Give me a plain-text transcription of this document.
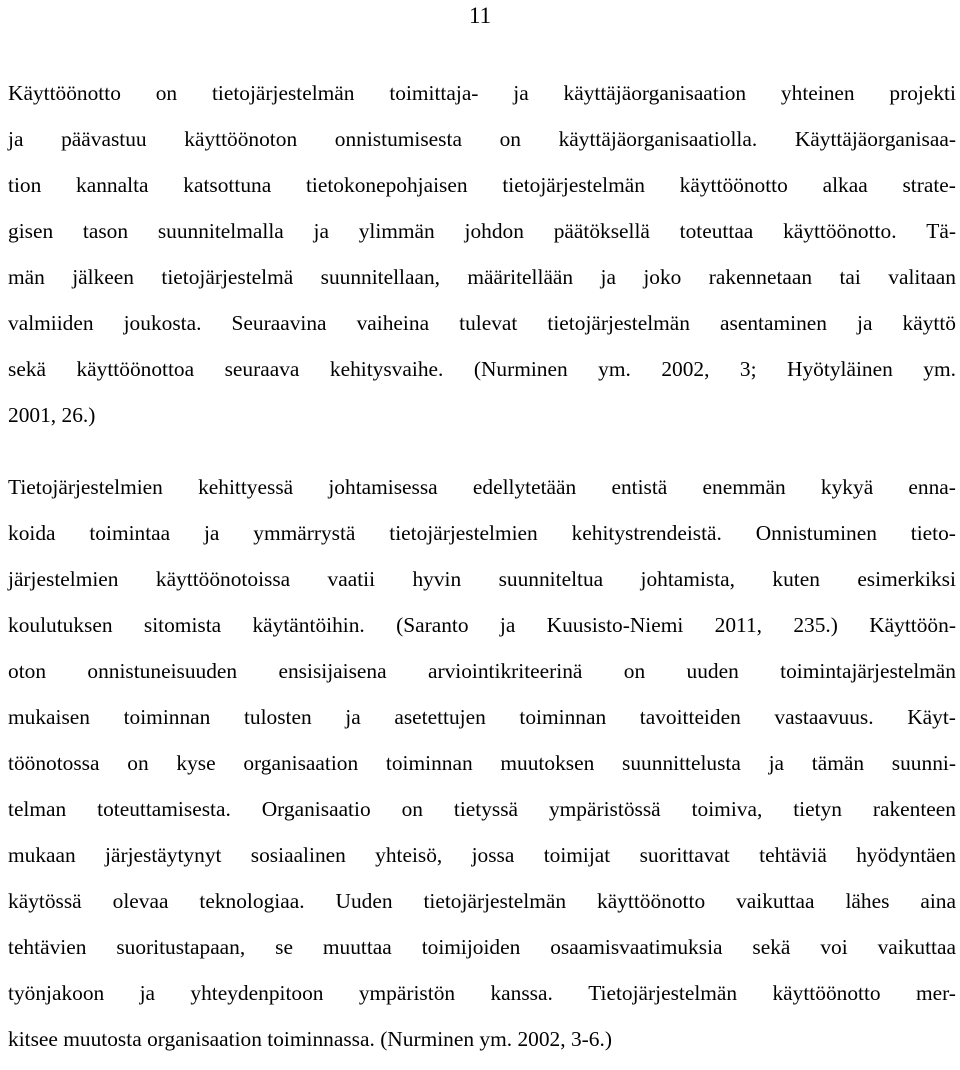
11
Käyttöönotto on tietojärjestelmän toimittaja- ja käyttäjäorganisaation yhteinen projekti
ja päävastuu käyttöönoton onnistumisesta on käyttäjäorganisaatiolla. Käyttäjäorganisaa-
tion kannalta katsottuna tietokonepohjaisen tietojärjestelmän käyttöönotto alkaa strate-
gisen tason suunnitelmalla ja ylimmän johdon päätöksellä toteuttaa käyttöönotto. Tä-
män jälkeen tietojärjestelmä suunnitellaan, määritellään ja joko rakennetaan tai valitaan
valmiiden joukosta. Seuraavina vaiheina tulevat tietojärjestelmän asentaminen ja käyttö
sekä käyttöönottoa seuraava kehitysvaihe. (Nurminen ym. 2002, 3; Hyötyläinen ym.
2001,
26.)
Tietojärjestelmien kehittyessä johtamisessa edellytetään entistä enemmän kykyä enna-
koida toimintaa ja ymmärrystä tietojärjestelmien kehitystrendeistä. Onnistuminen tieto-
järjestelmien käyttöönotoissa vaatii hyvin suunniteltua johtamista, kuten esimerkiksi
koulutuksen sitomista käytäntöihin. (Saranto ja Kuusisto-Niemi 2011, 235.) Käyttöön-
oton onnistuneisuuden ensisijaisena arviointikriteerinä on uuden toimintajärjestelmän
mukaisen toiminnan tulosten ja asetettujen toiminnan tavoitteiden vastaavuus. Käyt-
töönotossa on kyse organisaation toiminnan muutoksen suunnittelusta ja tämän suunni-
telman toteuttamisesta. Organisaatio on tietyssä ympäristössä toimiva, tietyn rakenteen
mukaan järjestäytynyt sosiaalinen yhteisö, jossa toimijat suorittavat tehtäviä hyödyntäen
käytössä olevaa teknologiaa. Uuden tietojärjestelmän käyttöönotto vaikuttaa lähes aina
tehtävien suoritustapaan, se muuttaa toimijoiden osaamisvaatimuksia sekä voi vaikuttaa
työnjakoon ja yhteydenpitoon ympäristön kanssa. Tietojärjestelmän käyttöönotto mer-
kitsee
muutosta
organisaation
toiminnassa.
(Nurminen
ym.
2002,
3-6.)
